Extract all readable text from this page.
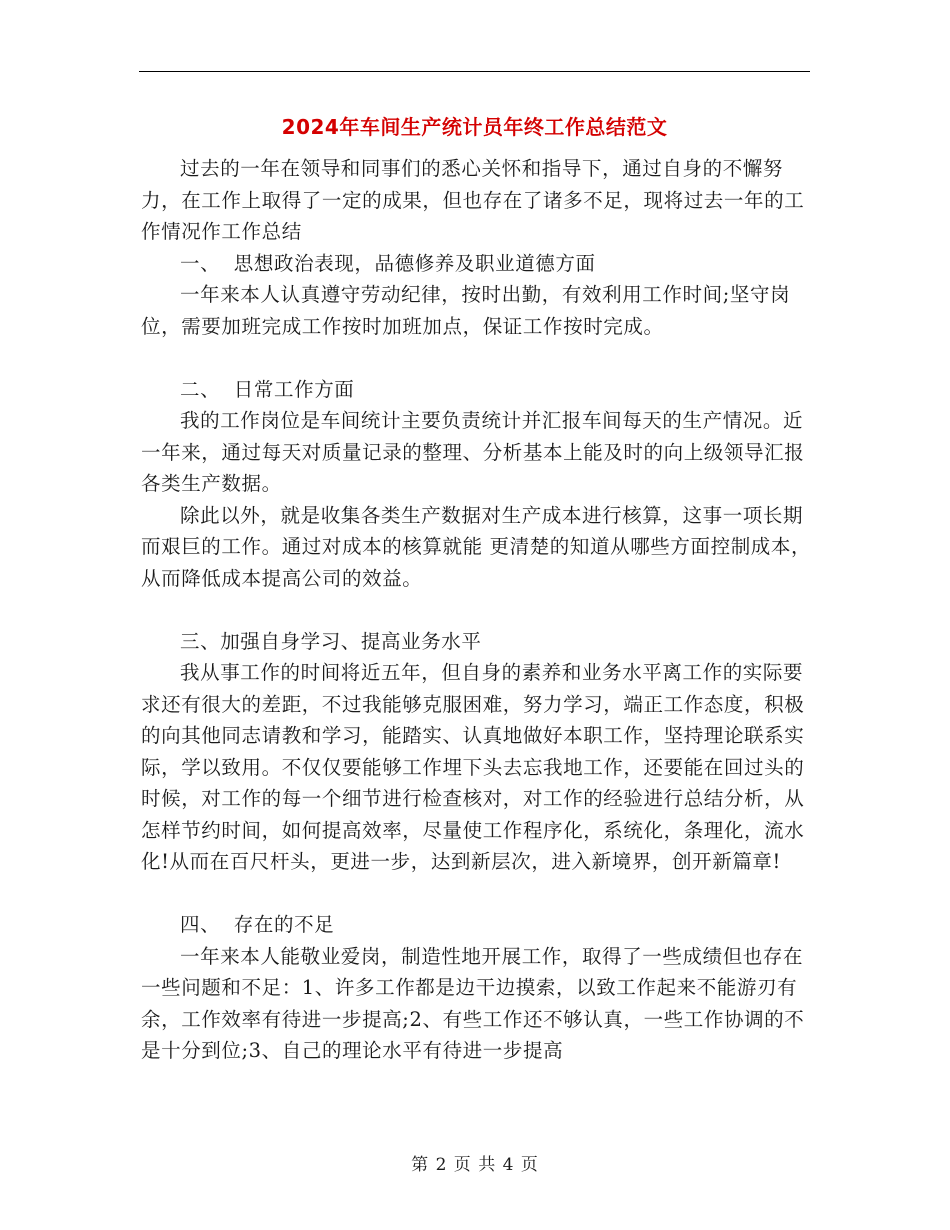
2024年车间生产统计员年终工作总结范文

过去的一年在领导和同事们的悉心关怀和指导下，通过自身的不懈努力，在工作上取得了一定的成果，但也存在了诸多不足，现将过去一年的工作情况作工作总结

一、  思想政治表现，品德修养及职业道德方面

一年来本人认真遵守劳动纪律，按时出勤，有效利用工作时间;坚守岗位，需要加班完成工作按时加班加点，保证工作按时完成。

二、  日常工作方面

我的工作岗位是车间统计主要负责统计并汇报车间每天的生产情况。近一年来，通过每天对质量记录的整理、分析基本上能及时的向上级领导汇报各类生产数据。

除此以外，就是收集各类生产数据对生产成本进行核算，这事一项长期而艰巨的工作。通过对成本的核算就能 更清楚的知道从哪些方面控制成本，从而降低成本提高公司的效益。

三、加强自身学习、提高业务水平

我从事工作的时间将近五年，但自身的素养和业务水平离工作的实际要求还有很大的差距，不过我能够克服困难，努力学习，端正工作态度，积极的向其他同志请教和学习，能踏实、认真地做好本职工作，坚持理论联系实际，学以致用。不仅仅要能够工作埋下头去忘我地工作，还要能在回过头的时候，对工作的每一个细节进行检查核对，对工作的经验进行总结分析，从怎样节约时间，如何提高效率，尽量使工作程序化，系统化，条理化，流水化!从而在百尺杆头，更进一步，达到新层次，进入新境界，创开新篇章!

四、  存在的不足

一年来本人能敬业爱岗，制造性地开展工作，取得了一些成绩但也存在一些问题和不足：1、许多工作都是边干边摸索，以致工作起来不能游刃有余，工作效率有待进一步提高;2、有些工作还不够认真，一些工作协调的不是十分到位;3、自己的理论水平有待进一步提高

第 2 页 共 4 页
